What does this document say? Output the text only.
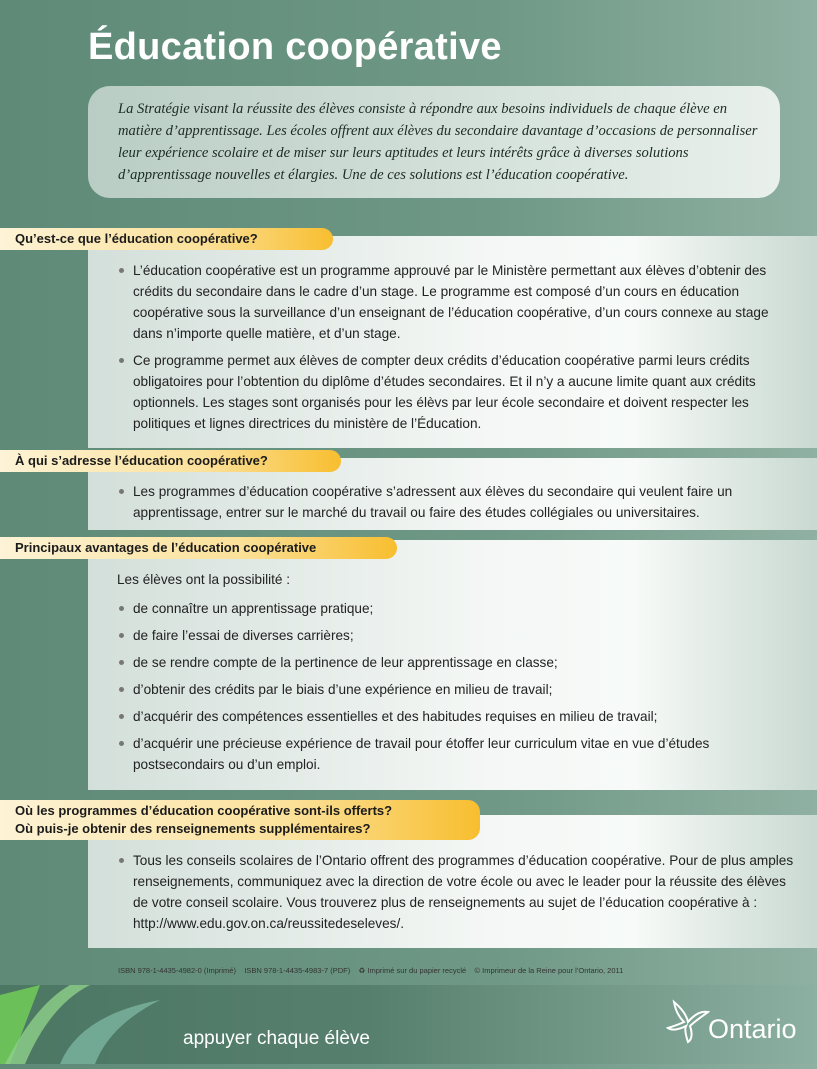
Éducation coopérative
La Stratégie visant la réussite des élèves consiste à répondre aux besoins individuels de chaque élève en matière d’apprentissage. Les écoles offrent aux élèves du secondaire davantage d’occasions de personnaliser leur expérience scolaire et de miser sur leurs aptitudes et leurs intérêts grâce à diverses solutions d’apprentissage nouvelles et élargies. Une de ces solutions est l’éducation coopérative.
Qu’est-ce que l’éducation coopérative?
L’éducation coopérative est un programme approuvé par le Ministère permettant aux élèves d’obtenir des crédits du secondaire dans le cadre d’un stage. Le programme est composé d’un cours en éducation coopérative sous la surveillance d’un enseignant de l’éducation coopérative, d’un cours connexe au stage dans n’importe quelle matière, et d’un stage.
Ce programme permet aux élèves de compter deux crédits d’éducation coopérative parmi leurs crédits obligatoires pour l’obtention du diplôme d’études secondaires. Et il n’y a aucune limite quant aux crédits optionnels. Les stages sont organisés pour les élèvs par leur école secondaire et doivent respecter les politiques et lignes directrices du ministère de l’Éducation.
À qui s’adresse l’éducation coopérative?
Les programmes d’éducation coopérative s’adressent aux élèves du secondaire qui veulent faire un apprentissage, entrer sur le marché du travail ou faire des études collégiales ou universitaires.
Principaux avantages de l’éducation coopérative
Les élèves ont la possibilité :
de connaître un apprentissage pratique;
de faire l’essai de diverses carrières;
de se rendre compte de la pertinence de leur apprentissage en classe;
d’obtenir des crédits par le biais d’une expérience en milieu de travail;
d’acquérir des compétences essentielles et des habitudes requises en milieu de travail;
d’acquérir une précieuse expérience de travail pour étoffer leur curriculum vitae en vue d’études postsecondairs ou d’un emploi.
Où les programmes d’éducation coopérative sont-ils offerts?
Où puis-je obtenir des renseignements supplémentaires?
Tous les conseils scolaires de l’Ontario offrent des programmes d’éducation coopérative. Pour de plus amples renseignements, communiquez avec la direction de votre école ou avec le leader pour la réussite des élèves de votre conseil scolaire. Vous trouverez plus de renseignements au sujet de l’éducation coopérative à : http://www.edu.gov.on.ca/reussitedeseleves/.
ISBN 978-1-4435-4982-0 (Imprimé) ISBN 978-1-4435-4983-7 (PDF) ♻ Imprimé sur du papier recyclé © Imprimeur de la Reine pour l’Ontario, 2011
appuyer chaque élève	Ontario
